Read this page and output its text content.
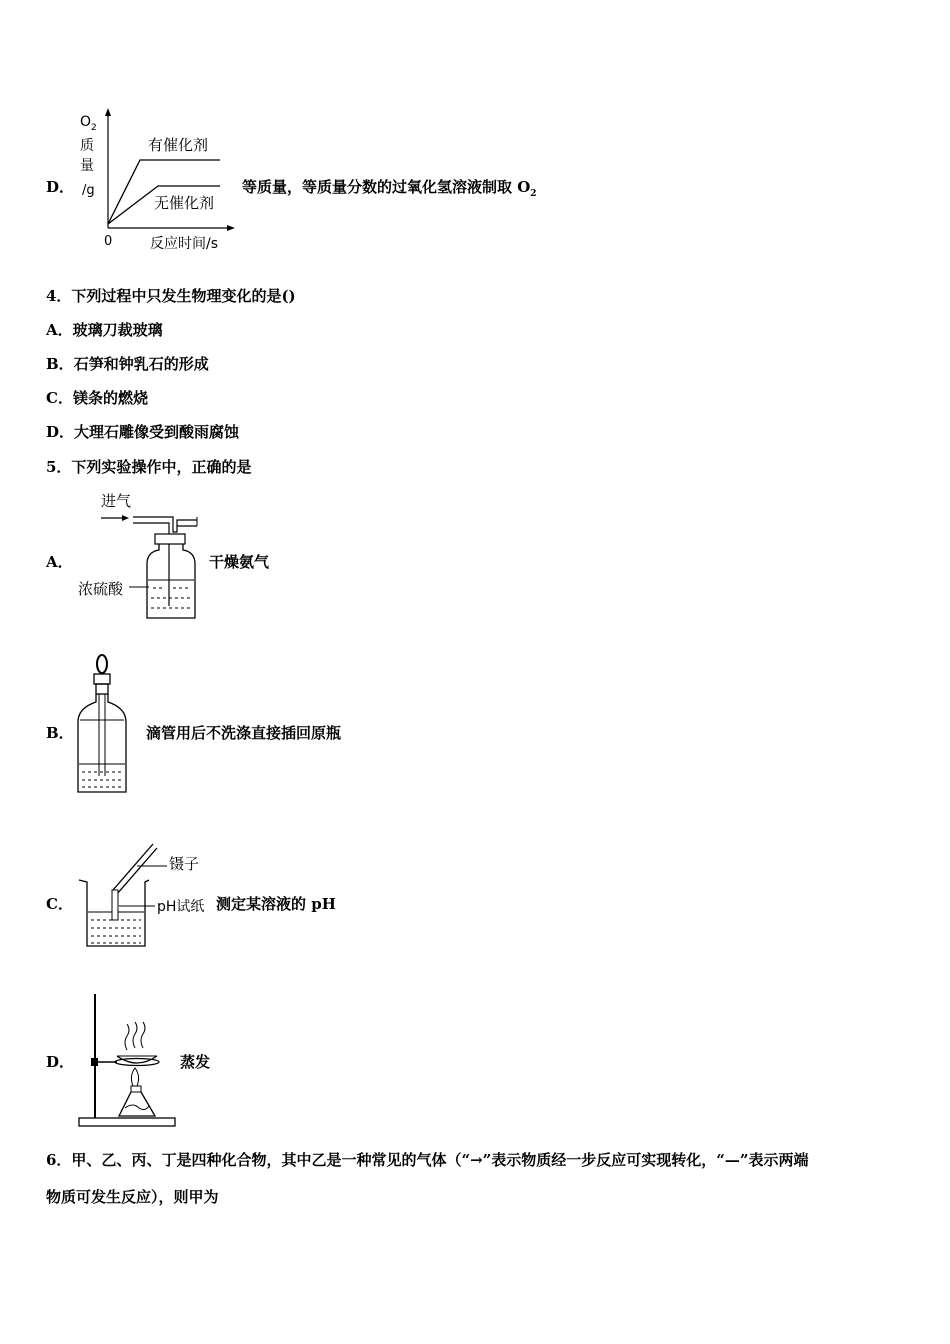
D．
$O_2$
质
量
/g
有催化剂
无催化剂
0	反应时间/s
等质量，等质量分数的过氧化氢溶液制取 $O_2$
4．下列过程中只发生物理变化的是()
A．玻璃刀裁玻璃
B．石笋和钟乳石的形成
C．镁条的燃烧
D．大理石雕像受到酸雨腐蚀
5．下列实验操作中，正确的是
A．
进气
浓硫酸
干燥氨气
B．	滴管用后不洗涤直接插回原瓶
C．
镊子
pH试纸 测定某溶液的 pH
D．	蒸发
6．甲、乙、丙、丁是四种化合物，其中乙是一种常见的气体（“→”表示物质经一步反应可实现转化，“—”表示两端
物质可发生反应），则甲为
